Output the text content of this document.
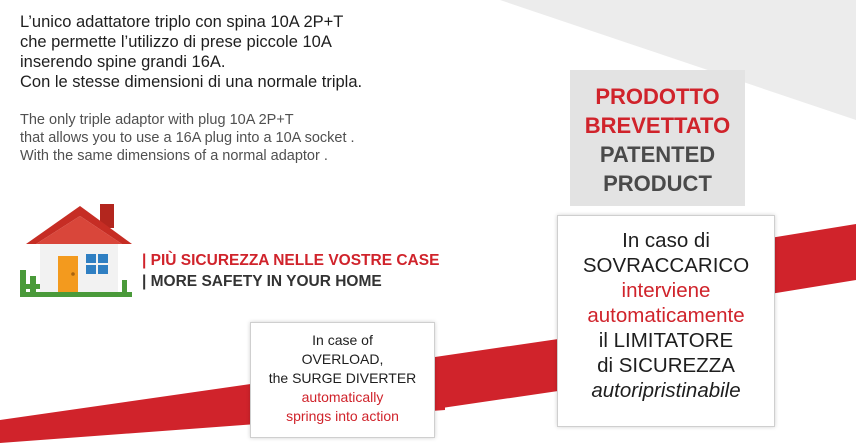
L’unico adattatore triplo con spina 10A 2P+T
che permette l’utilizzo di prese piccole 10A
inserendo spine grandi 16A.
Con le stesse dimensioni di una normale tripla.
The only triple adaptor with plug 10A 2P+T
that allows you to use a 16A plug into a 10A socket .
With the same dimensions of a normal adaptor .
PRODOTTO
BREVETTATO
PATENTED
PRODUCT
| PIÙ SICUREZZA NELLE VOSTRE CASE
| MORE SAFETY IN YOUR HOME
In case of
OVERLOAD,
the SURGE DIVERTER
automatically
springs into action
In caso di
SOVRACCARICO
interviene
automaticamente
il LIMITATORE
di SICUREZZA
autoripristinabile
